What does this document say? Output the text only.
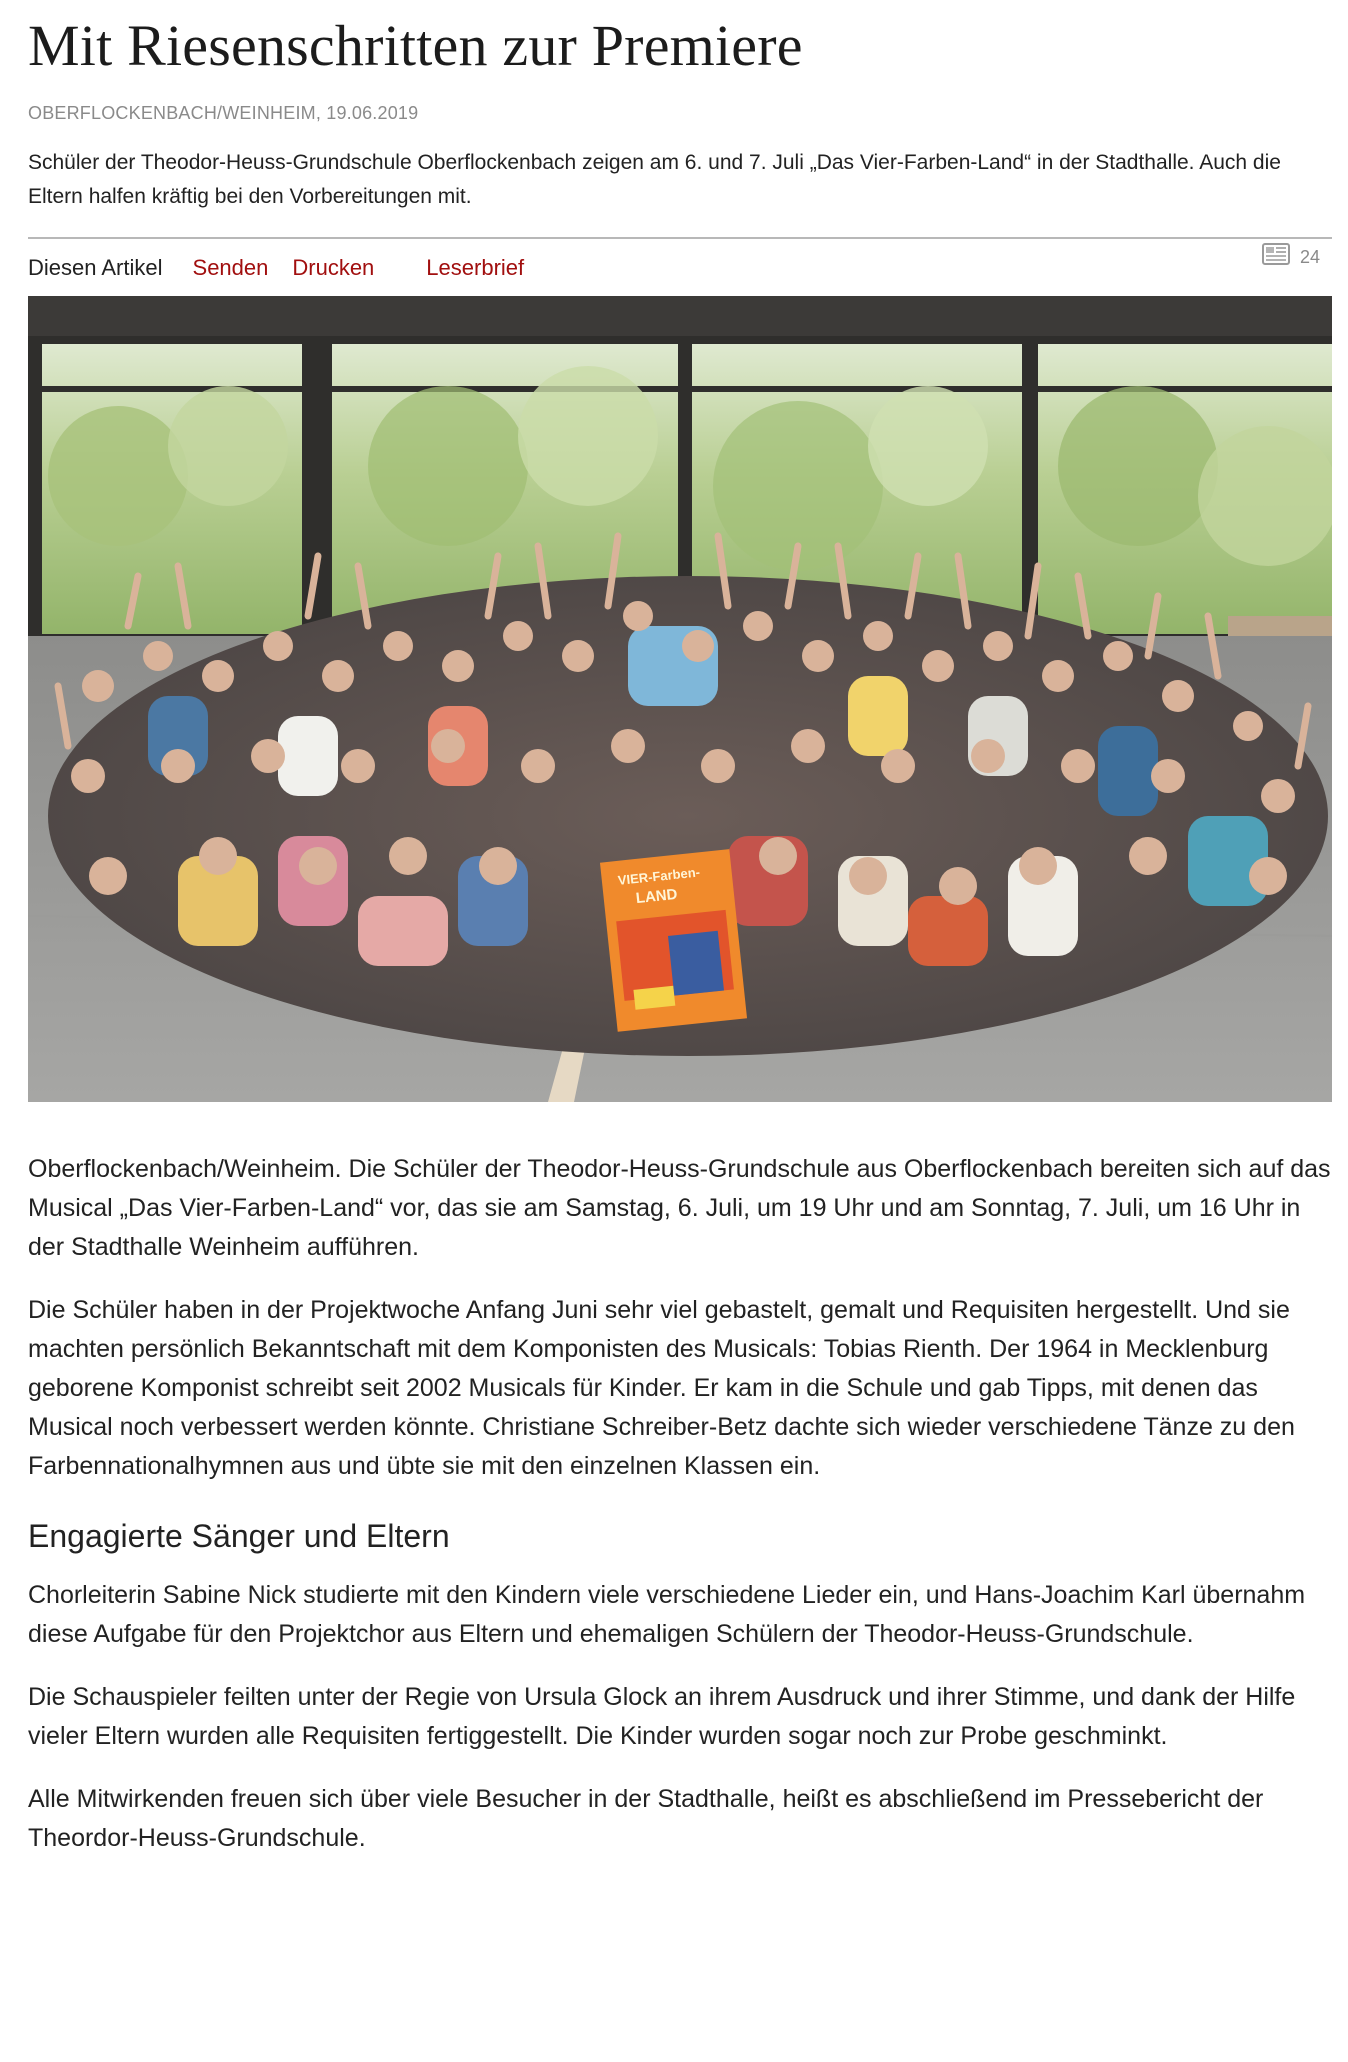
Mit Riesenschritten zur Premiere
OBERFLOCKENBACH/WEINHEIM, 19.06.2019
Schüler der Theodor-Heuss-Grundschule Oberflockenbach zeigen am 6. und 7. Juli „Das Vier-Farben-Land“ in der Stadthalle. Auch die Eltern halfen kräftig bei den Vorbereitungen mit.
Diesen Artikel Senden Drucken Leserbrief	24
VIER-Farben-
LAND

Oberflockenbach/Weinheim. Die Schüler der Theodor-Heuss-Grundschule aus Oberflockenbach bereiten sich auf das Musical „Das Vier-Farben-Land“ vor, das sie am Samstag, 6. Juli, um 19 Uhr und am Sonntag, 7. Juli, um 16 Uhr in der Stadthalle Weinheim aufführen.

Die Schüler haben in der Projektwoche Anfang Juni sehr viel gebastelt, gemalt und Requisiten hergestellt. Und sie machten persönlich Bekanntschaft mit dem Komponisten des Musicals: Tobias Rienth. Der 1964 in Mecklenburg geborene Komponist schreibt seit 2002 Musicals für Kinder. Er kam in die Schule und gab Tipps, mit denen das Musical noch verbessert werden könnte. Christiane Schreiber-Betz dachte sich wieder verschiedene Tänze zu den Farbennationalhymnen aus und übte sie mit den einzelnen Klassen ein.

Engagierte Sänger und Eltern

Chorleiterin Sabine Nick studierte mit den Kindern viele verschiedene Lieder ein, und Hans-Joachim Karl übernahm diese Aufgabe für den Projektchor aus Eltern und ehemaligen Schülern der Theodor-Heuss-Grundschule.

Die Schauspieler feilten unter der Regie von Ursula Glock an ihrem Ausdruck und ihrer Stimme, und dank der Hilfe vieler Eltern wurden alle Requisiten fertiggestellt. Die Kinder wurden sogar noch zur Probe geschminkt.

Alle Mitwirkenden freuen sich über viele Besucher in der Stadthalle, heißt es abschließend im Pressebericht der Theordor-Heuss-Grundschule.
